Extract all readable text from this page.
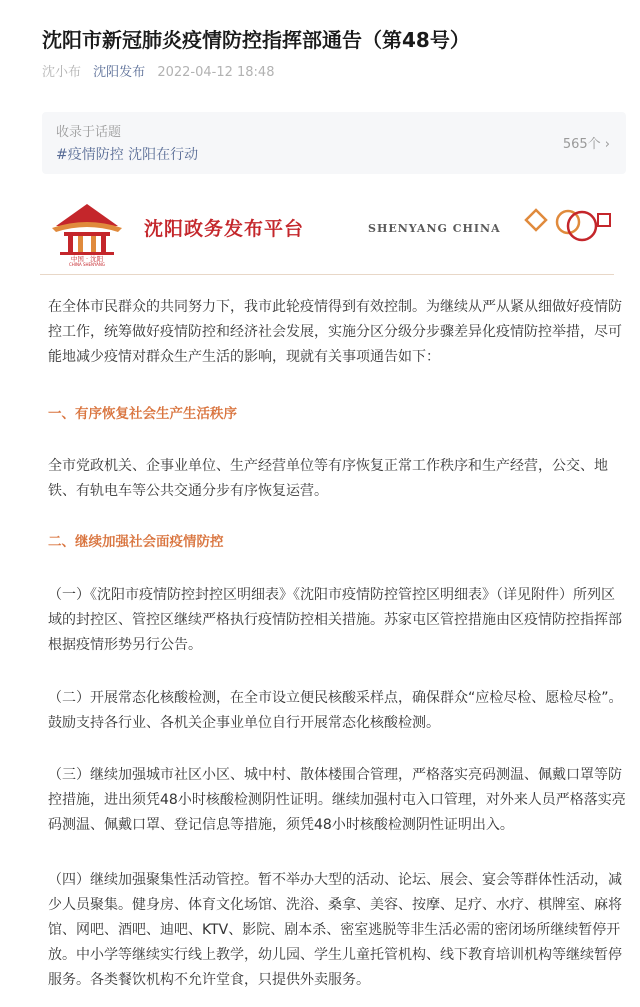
沈阳市新冠肺炎疫情防控指挥部通告（第48号）
沈小布 沈阳发布 2022-04-12 18:48
收录于话题
#疫情防控 沈阳在行动
565个 ›
中国 · 沈阳
CHINA SHENYANG
沈阳政务发布平台	SHENYANG CHINA

在全体市民群众的共同努力下，我市此轮疫情得到有效控制。为继续从严从紧从细做好疫情防控工作，统筹做好疫情防控和经济社会发展，实施分区分级分步骤差异化疫情防控举措，尽可能地减少疫情对群众生产生活的影响，现就有关事项通告如下：

一、有序恢复社会生产生活秩序

全市党政机关、企事业单位、生产经营单位等有序恢复正常工作秩序和生产经营，公交、地铁、有轨电车等公共交通分步有序恢复运营。

二、继续加强社会面疫情防控

（一）《沈阳市疫情防控封控区明细表》《沈阳市疫情防控管控区明细表》（详见附件）所列区域的封控区、管控区继续严格执行疫情防控相关措施。苏家屯区管控措施由区疫情防控指挥部根据疫情形势另行公告。

（二）开展常态化核酸检测，在全市设立便民核酸采样点，确保群众“应检尽检、愿检尽检”。鼓励支持各行业、各机关企事业单位自行开展常态化核酸检测。

（三）继续加强城市社区小区、城中村、散体楼围合管理，严格落实亮码测温、佩戴口罩等防控措施，进出须凭48小时核酸检测阴性证明。继续加强村屯入口管理，对外来人员严格落实亮码测温、佩戴口罩、登记信息等措施，须凭48小时核酸检测阴性证明出入。

（四）继续加强聚集性活动管控。暂不举办大型的活动、论坛、展会、宴会等群体性活动，减少人员聚集。健身房、体育文化场馆、洗浴、桑拿、美容、按摩、足疗、水疗、棋牌室、麻将馆、网吧、酒吧、迪吧、KTV、影院、剧本杀、密室逃脱等非生活必需的密闭场所继续暂停开放。中小学等继续实行线上教学，幼儿园、学生儿童托管机构、线下教育培训机构等继续暂停服务。各类餐饮机构不允许堂食，只提供外卖服务。
